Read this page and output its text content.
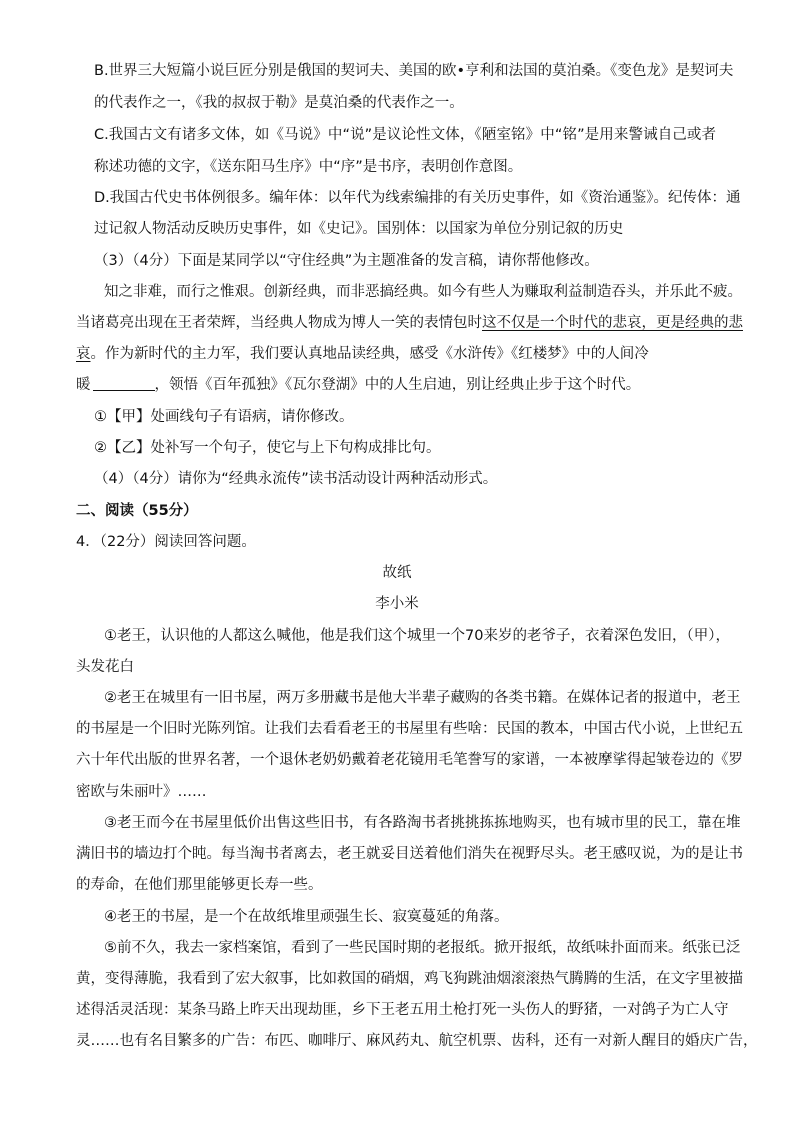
B.世界三大短篇小说巨匠分别是俄国的契诃夫、美国的欧•亨利和法国的莫泊桑。《变色龙》是契诃夫
的代表作之一，《我的叔叔于勒》是莫泊桑的代表作之一。
C.我国古文有诸多文体，如《马说》中“说”是议论性文体，《陋室铭》中“铭”是用来警诫自己或者
称述功德的文字，《送东阳马生序》中“序”是书序，表明创作意图。
D.我国古代史书体例很多。编年体：以年代为线索编排的有关历史事件，如《资治通鉴》。纪传体：通
过记叙人物活动反映历史事件，如《史记》。国别体：以国家为单位分别记叙的历史
（3）（4分）下面是某同学以“守住经典”为主题准备的发言稿，请你帮他修改。
知之非难，而行之惟艰。创新经典，而非恶搞经典。如今有些人为赚取利益制造吞头，并乐此不疲。
当诸葛亮出现在王者荣辉，当经典人物成为博人一笑的表情包时这不仅是一个时代的悲哀，更是经典的悲
哀。作为新时代的主力军，我们要认真地品读经典，感受《水浒传》《红楼梦》中的人间冷
暖	，领悟《百年孤独》《瓦尔登湖》中的人生启迪，别让经典止步于这个时代。
①【甲】处画线句子有语病，请你修改。
②【乙】处补写一个句子，使它与上下句构成排比句。
（4）（4分）请你为“经典永流传”读书活动设计两种活动形式。
二、阅读（55分）
4．（22分）阅读回答问题。
故纸
李小米
①老王，认识他的人都这么喊他，他是我们这个城里一个70来岁的老爷子，衣着深色发旧，（甲），
头发花白
②老王在城里有一旧书屋，两万多册藏书是他大半辈子藏购的各类书籍。在媒体记者的报道中，老王
的书屋是一个旧时光陈列馆。让我们去看看老王的书屋里有些啥：民国的教本，中国古代小说，上世纪五
六十年代出版的世界名著，一个退休老奶奶戴着老花镜用毛笔誊写的家谱，一本被摩挲得起皱卷边的《罗
密欧与朱丽叶》……
③老王而今在书屋里低价出售这些旧书，有各路淘书者挑挑拣拣地购买，也有城市里的民工，靠在堆
满旧书的墙边打个盹。每当淘书者离去，老王就妥目送着他们消失在视野尽头。老王感叹说，为的是让书
的寿命，在他们那里能够更长寿一些。
④老王的书屋，是一个在故纸堆里顽强生长、寂寞蔓延的角落。
⑤前不久，我去一家档案馆，看到了一些民国时期的老报纸。掀开报纸，故纸味扑面而来。纸张已泛
黄，变得薄脆，我看到了宏大叙事，比如救国的硝烟，鸡飞狗跳油烟滚滚热气腾腾的生活，在文字里被描
述得活灵活现：某条马路上昨天出现劫匪，乡下王老五用土枪打死一头伤人的野猪，一对鸽子为亡人守
灵……也有名目繁多的广告：布匹、咖啡厅、麻风药丸、航空机票、齿科，还有一对新人醒目的婚庆广告，
